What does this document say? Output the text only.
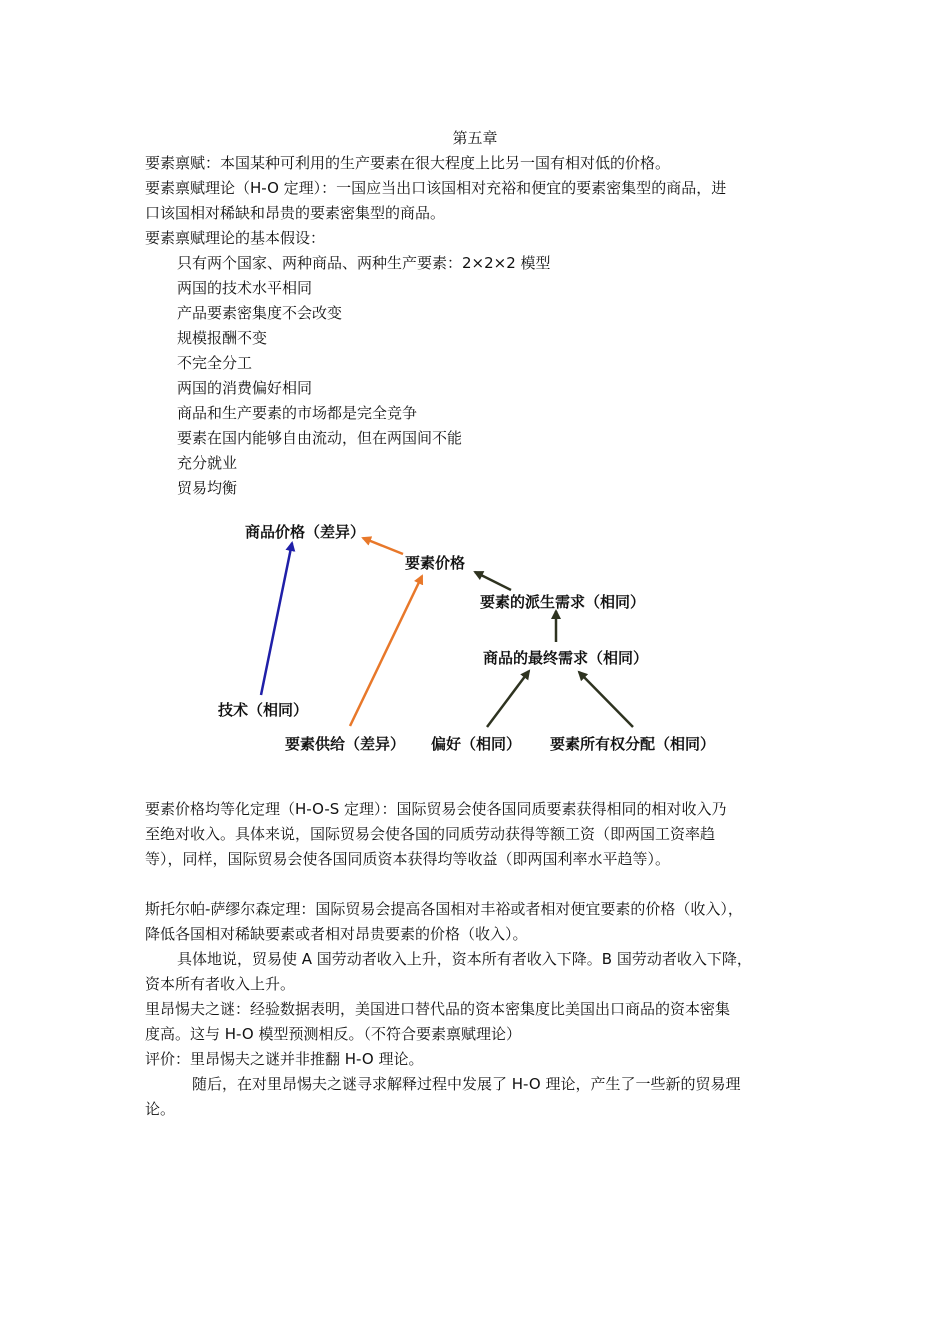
第五章
要素禀赋：本国某种可利用的生产要素在很大程度上比另一国有相对低的价格。
要素禀赋理论（H-O 定理）：一国应当出口该国相对充裕和便宜的要素密集型的商品，进
口该国相对稀缺和昂贵的要素密集型的商品。
要素禀赋理论的基本假设：
只有两个国家、两种商品、两种生产要素：2×2×2 模型
两国的技术水平相同
产品要素密集度不会改变
规模报酬不变
不完全分工
两国的消费偏好相同
商品和生产要素的市场都是完全竞争
要素在国内能够自由流动，但在两国间不能
充分就业
贸易均衡
商品价格（差异）
要素价格
要素的派生需求（相同）
商品的最终需求（相同）
技术（相同）
要素供给（差异） 偏好（相同） 要素所有权分配（相同）
要素价格均等化定理（H-O-S 定理）：国际贸易会使各国同质要素获得相同的相对收入乃
至绝对收入。具体来说，国际贸易会使各国的同质劳动获得等额工资（即两国工资率趋
等），同样，国际贸易会使各国同质资本获得均等收益（即两国利率水平趋等）。
斯托尔帕-萨缪尔森定理：国际贸易会提高各国相对丰裕或者相对便宜要素的价格（收入），
降低各国相对稀缺要素或者相对昂贵要素的价格（收入）。
具体地说，贸易使 A 国劳动者收入上升，资本所有者收入下降。B 国劳动者收入下降，
资本所有者收入上升。
里昂惕夫之谜：经验数据表明，美国进口替代品的资本密集度比美国出口商品的资本密集
度高。这与 H-O 模型预测相反。（不符合要素禀赋理论）
评价：里昂惕夫之谜并非推翻 H-O 理论。
随后，在对里昂惕夫之谜寻求解释过程中发展了 H-O 理论，产生了一些新的贸易理
论。
